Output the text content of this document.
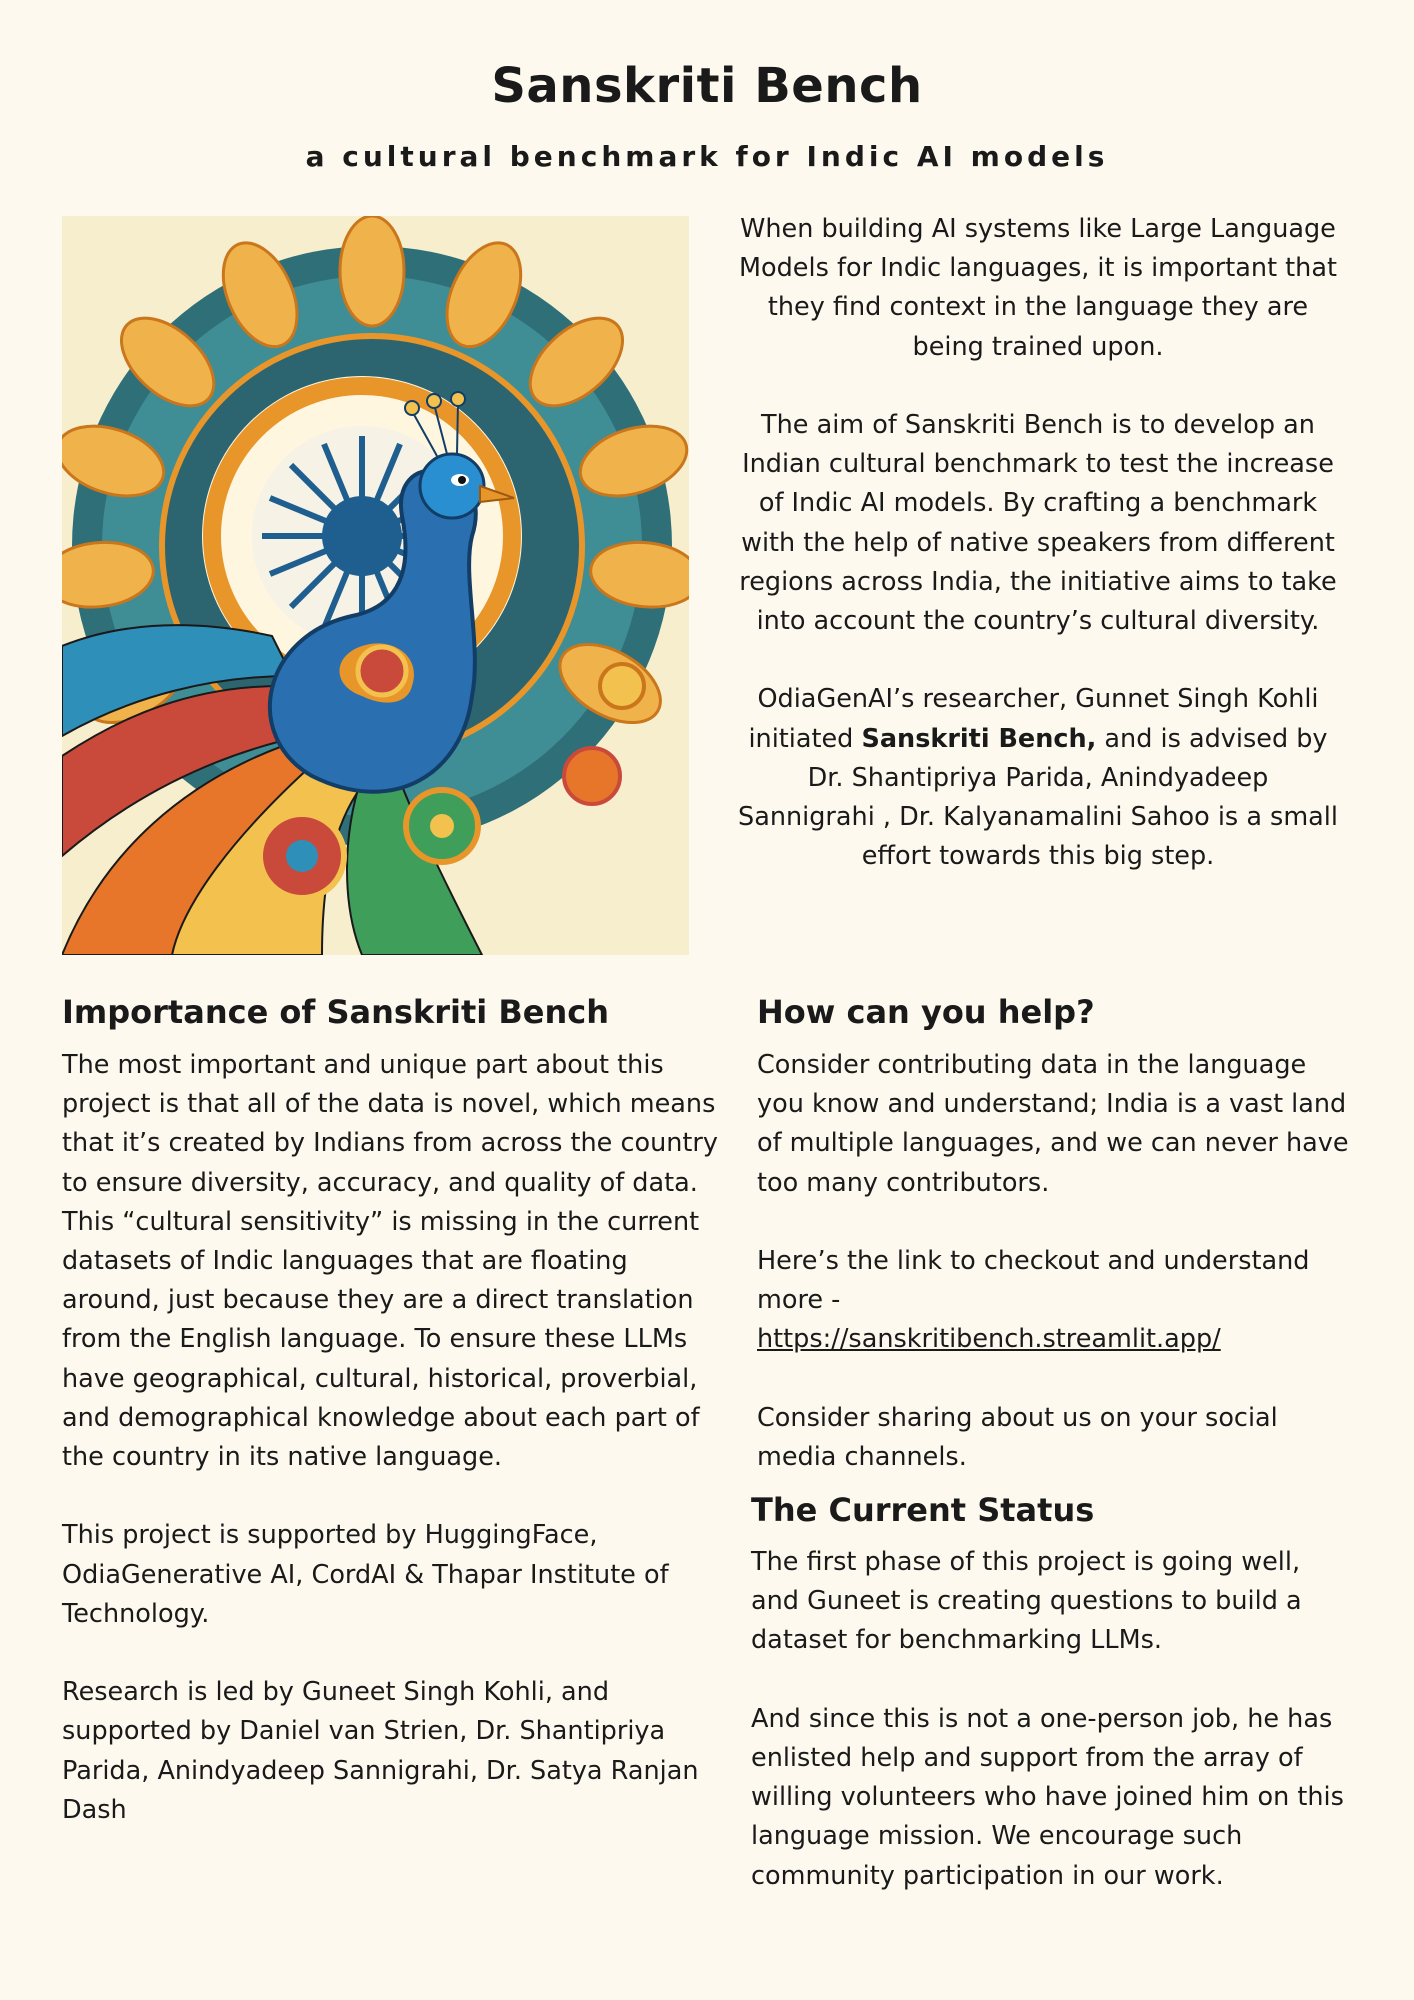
Sanskriti Bench
a cultural benchmark for Indic AI models

When building AI systems like Large Language Models for Indic languages, it is important that they find context in the language they are being trained upon.

The aim of Sanskriti Bench is to develop an Indian cultural benchmark to test the increase of Indic AI models. By crafting a benchmark with the help of native speakers from different regions across India, the initiative aims to take into account the country’s cultural diversity.

OdiaGenAI’s researcher, Gunnet Singh Kohli initiated Sanskriti Bench, and is advised by Dr. Shantipriya Parida, Anindyadeep Sannigrahi , Dr. Kalyanamalini Sahoo is a small effort towards this big step.

Importance of Sanskriti Bench

The most important and unique part about this project is that all of the data is novel, which means that it’s created by Indians from across the country to ensure diversity, accuracy, and quality of data. This “cultural sensitivity” is missing in the current datasets of Indic languages that are floating around, just because they are a direct translation from the English language. To ensure these LLMs have geographical, cultural, historical, proverbial, and demographical knowledge about each part of the country in its native language.

This project is supported by HuggingFace, OdiaGenerative AI, CordAI & Thapar Institute of Technology.

Research is led by Guneet Singh Kohli, and supported by Daniel van Strien, Dr. Shantipriya Parida, Anindyadeep Sannigrahi, Dr. Satya Ranjan Dash

How can you help?

Consider contributing data in the language you know and understand; India is a vast land of multiple languages, and we can never have too many contributors.

Here’s the link to checkout and understand more -
https://sanskritibench.streamlit.app/

Consider sharing about us on your social media channels.

The Current Status

The first phase of this project is going well, and Guneet is creating questions to build a dataset for benchmarking LLMs.

And since this is not a one-person job, he has enlisted help and support from the array of willing volunteers who have joined him on this language mission. We encourage such community participation in our work.
